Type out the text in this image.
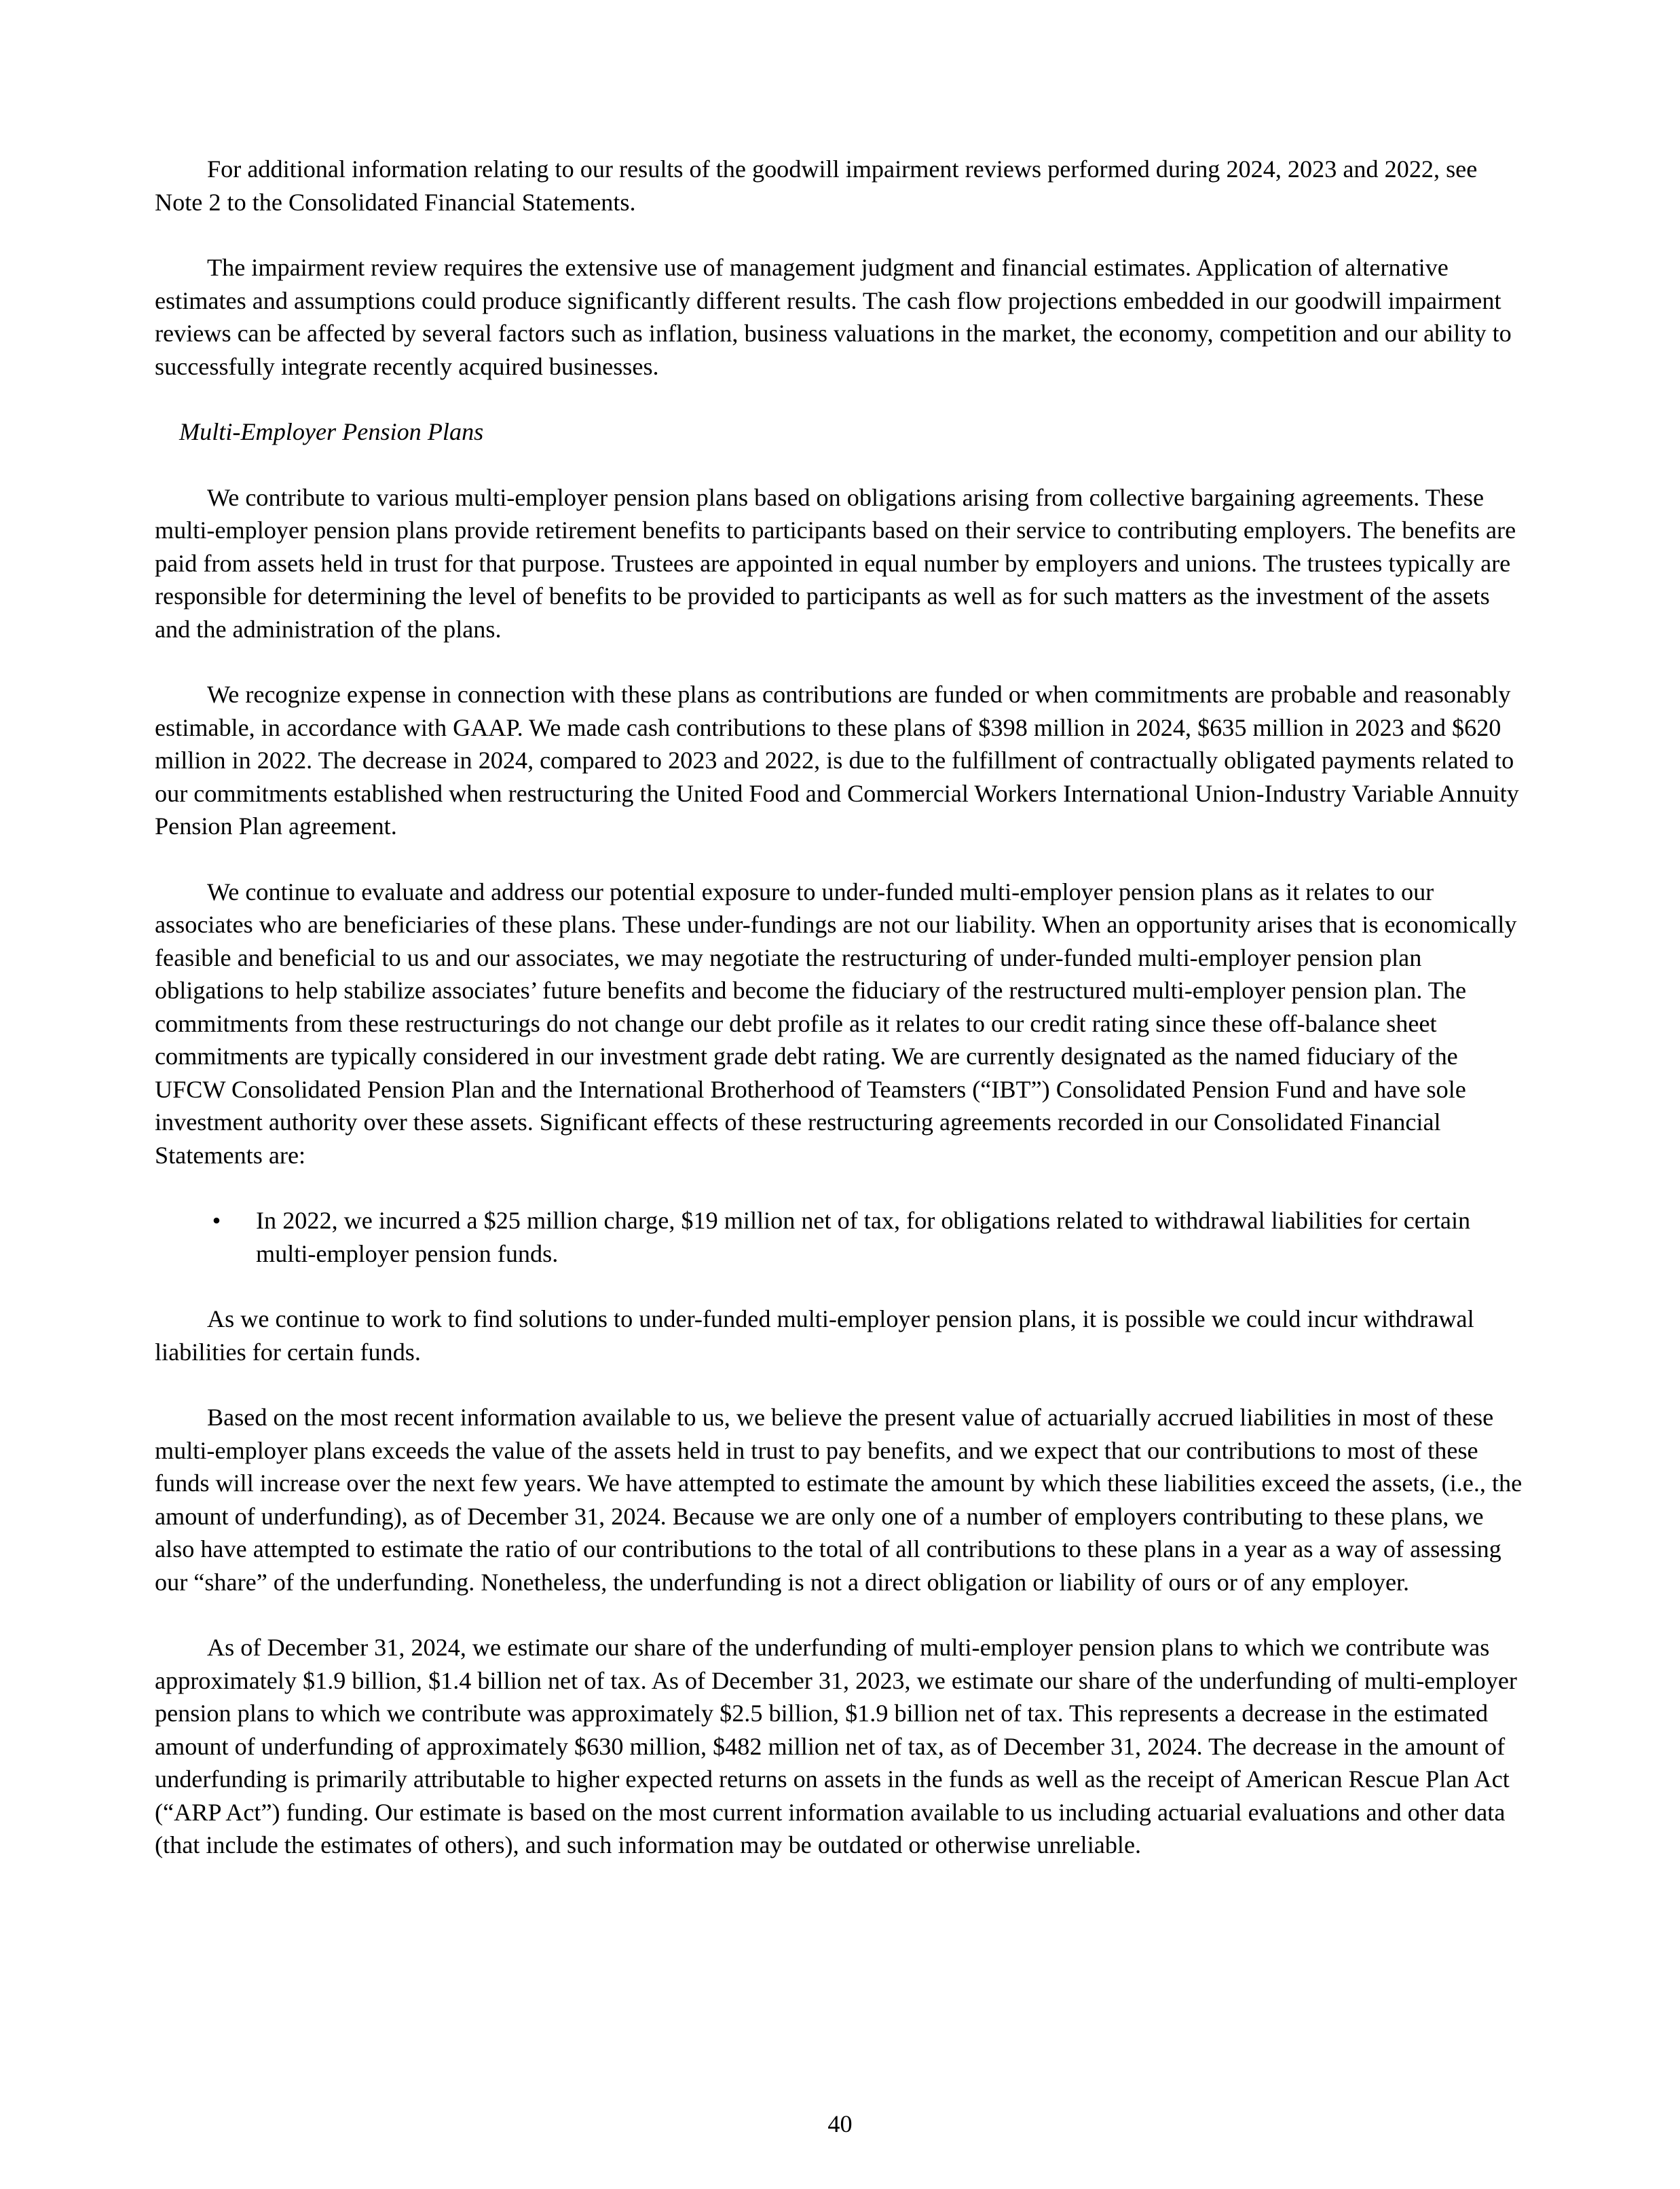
For additional information relating to our results of the goodwill impairment reviews performed during 2024, 2023 and 2022, see Note 2 to the Consolidated Financial Statements.

The impairment review requires the extensive use of management judgment and financial estimates. Application of alternative estimates and assumptions could produce significantly different results. The cash flow projections embedded in our goodwill impairment reviews can be affected by several factors such as inflation, business valuations in the market, the economy, competition and our ability to successfully integrate recently acquired businesses.

Multi-Employer Pension Plans

We contribute to various multi-employer pension plans based on obligations arising from collective bargaining agreements. These multi-employer pension plans provide retirement benefits to participants based on their service to contributing employers. The benefits are paid from assets held in trust for that purpose. Trustees are appointed in equal number by employers and unions. The trustees typically are responsible for determining the level of benefits to be provided to participants as well as for such matters as the investment of the assets and the administration of the plans.

We recognize expense in connection with these plans as contributions are funded or when commitments are probable and reasonably estimable, in accordance with GAAP. We made cash contributions to these plans of $398 million in 2024, $635 million in 2023 and $620 million in 2022. The decrease in 2024, compared to 2023 and 2022, is due to the fulfillment of contractually obligated payments related to our commitments established when restructuring the United Food and Commercial Workers International Union-Industry Variable Annuity Pension Plan agreement.

We continue to evaluate and address our potential exposure to under-funded multi-employer pension plans as it relates to our associates who are beneficiaries of these plans. These under-fundings are not our liability. When an opportunity arises that is economically feasible and beneficial to us and our associates, we may negotiate the restructuring of under-funded multi-employer pension plan obligations to help stabilize associates’ future benefits and become the fiduciary of the restructured multi-employer pension plan. The commitments from these restructurings do not change our debt profile as it relates to our credit rating since these off-balance sheet commitments are typically considered in our investment grade debt rating. We are currently designated as the named fiduciary of the UFCW Consolidated Pension Plan and the International Brotherhood of Teamsters (“IBT”) Consolidated Pension Fund and have sole investment authority over these assets. Significant effects of these restructuring agreements recorded in our Consolidated Financial Statements are:

• In 2022, we incurred a $25 million charge, $19 million net of tax, for obligations related to withdrawal liabilities for certain multi-employer pension funds.

As we continue to work to find solutions to under-funded multi-employer pension plans, it is possible we could incur withdrawal liabilities for certain funds.

Based on the most recent information available to us, we believe the present value of actuarially accrued liabilities in most of these multi-employer plans exceeds the value of the assets held in trust to pay benefits, and we expect that our contributions to most of these funds will increase over the next few years. We have attempted to estimate the amount by which these liabilities exceed the assets, (i.e., the amount of underfunding), as of December 31, 2024. Because we are only one of a number of employers contributing to these plans, we also have attempted to estimate the ratio of our contributions to the total of all contributions to these plans in a year as a way of assessing our “share” of the underfunding. Nonetheless, the underfunding is not a direct obligation or liability of ours or of any employer.

As of December 31, 2024, we estimate our share of the underfunding of multi-employer pension plans to which we contribute was approximately $1.9 billion, $1.4 billion net of tax. As of December 31, 2023, we estimate our share of the underfunding of multi-employer pension plans to which we contribute was approximately $2.5 billion, $1.9 billion net of tax. This represents a decrease in the estimated amount of underfunding of approximately $630 million, $482 million net of tax, as of December 31, 2024. The decrease in the amount of underfunding is primarily attributable to higher expected returns on assets in the funds as well as the receipt of American Rescue Plan Act (“ARP Act”) funding. Our estimate is based on the most current information available to us including actuarial evaluations and other data (that include the estimates of others), and such information may be outdated or otherwise unreliable.

40
